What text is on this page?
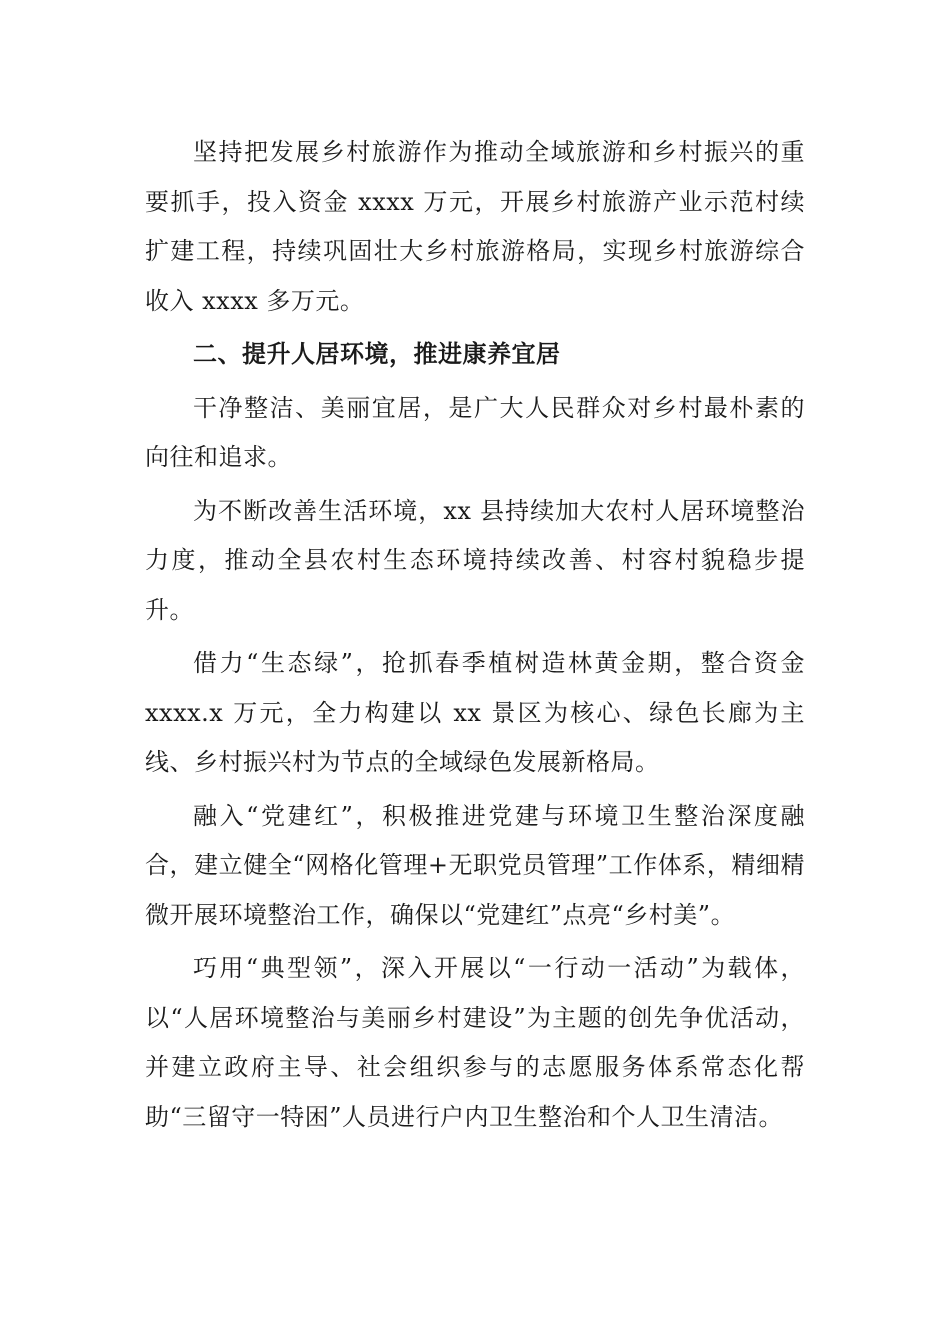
坚持把发展乡村旅游作为推动全域旅游和乡村振兴的重要抓手，投入资金 xxxx 万元，开展乡村旅游产业示范村续扩建工程，持续巩固壮大乡村旅游格局，实现乡村旅游综合收入 xxxx 多万元。

二、提升人居环境，推进康养宜居

干净整洁、美丽宜居，是广大人民群众对乡村最朴素的向往和追求。

为不断改善生活环境，xx 县持续加大农村人居环境整治力度，推动全县农村生态环境持续改善、村容村貌稳步提升。

借力“生态绿”，抢抓春季植树造林黄金期，整合资金 xxxx.x 万元，全力构建以 xx 景区为核心、绿色长廊为主线、乡村振兴村为节点的全域绿色发展新格局。

融入“党建红”，积极推进党建与环境卫生整治深度融合，建立健全“网格化管理+无职党员管理”工作体系，精细精微开展环境整治工作，确保以“党建红”点亮“乡村美”。

巧用“典型领”，深入开展以“一行动一活动”为载体，以“人居环境整治与美丽乡村建设”为主题的创先争优活动，并建立政府主导、社会组织参与的志愿服务体系常态化帮助“三留守一特困”人员进行户内卫生整治和个人卫生清洁。
